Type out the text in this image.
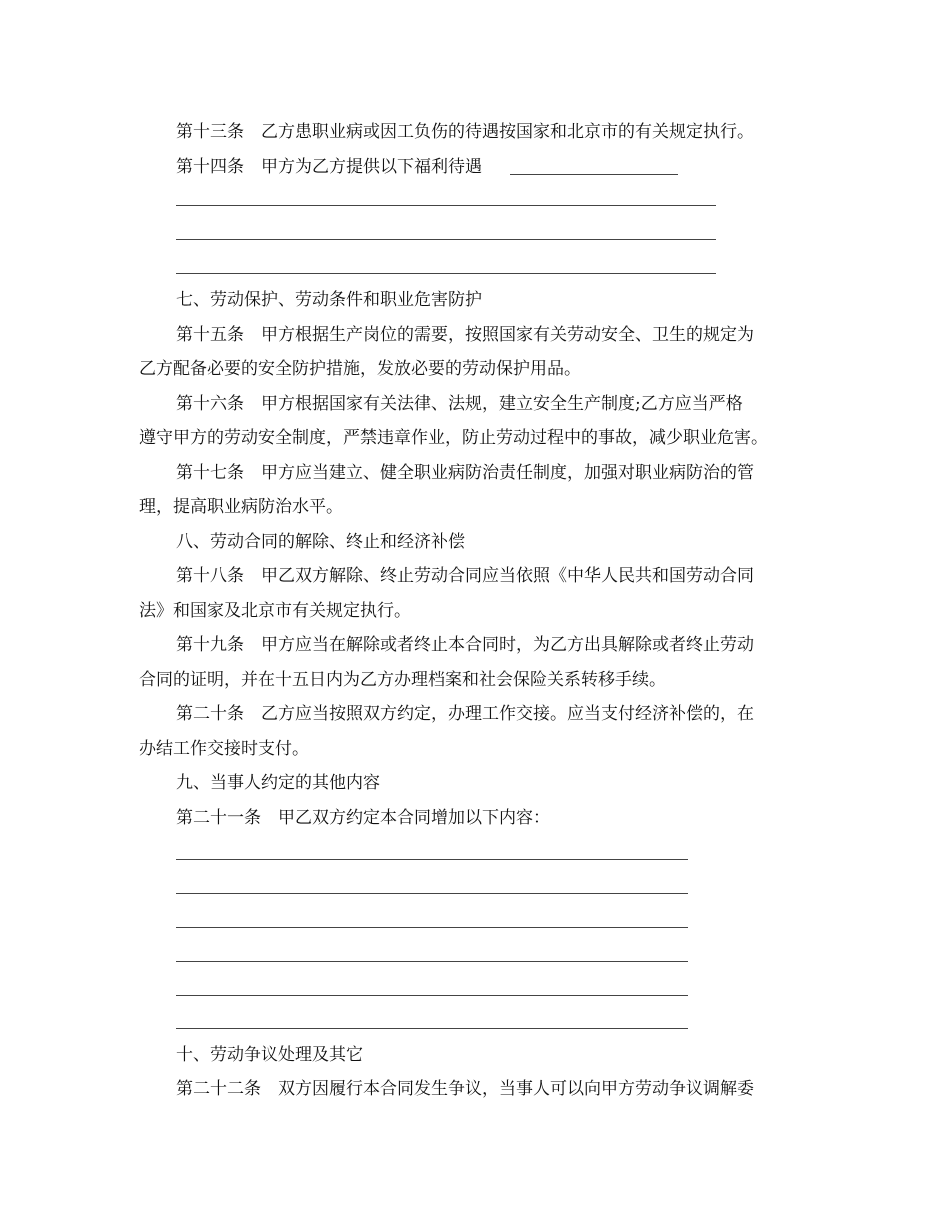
第十三条　乙方患职业病或因工负伤的待遇按国家和北京市的有关规定执行。
第十四条　甲方为乙方提供以下福利待遇
七、劳动保护、劳动条件和职业危害防护
第十五条　甲方根据生产岗位的需要，按照国家有关劳动安全、卫生的规定为
乙方配备必要的安全防护措施，发放必要的劳动保护用品。
第十六条　甲方根据国家有关法律、法规，建立安全生产制度;乙方应当严格
遵守甲方的劳动安全制度，严禁违章作业，防止劳动过程中的事故，减少职业危害。
第十七条　甲方应当建立、健全职业病防治责任制度，加强对职业病防治的管
理，提高职业病防治水平。
八、劳动合同的解除、终止和经济补偿
第十八条　甲乙双方解除、终止劳动合同应当依照《中华人民共和国劳动合同
法》和国家及北京市有关规定执行。
第十九条　甲方应当在解除或者终止本合同时，为乙方出具解除或者终止劳动
合同的证明，并在十五日内为乙方办理档案和社会保险关系转移手续。
第二十条　乙方应当按照双方约定，办理工作交接。应当支付经济补偿的，在
办结工作交接时支付。
九、当事人约定的其他内容
第二十一条　甲乙双方约定本合同增加以下内容：
十、劳动争议处理及其它
第二十二条　双方因履行本合同发生争议，当事人可以向甲方劳动争议调解委
